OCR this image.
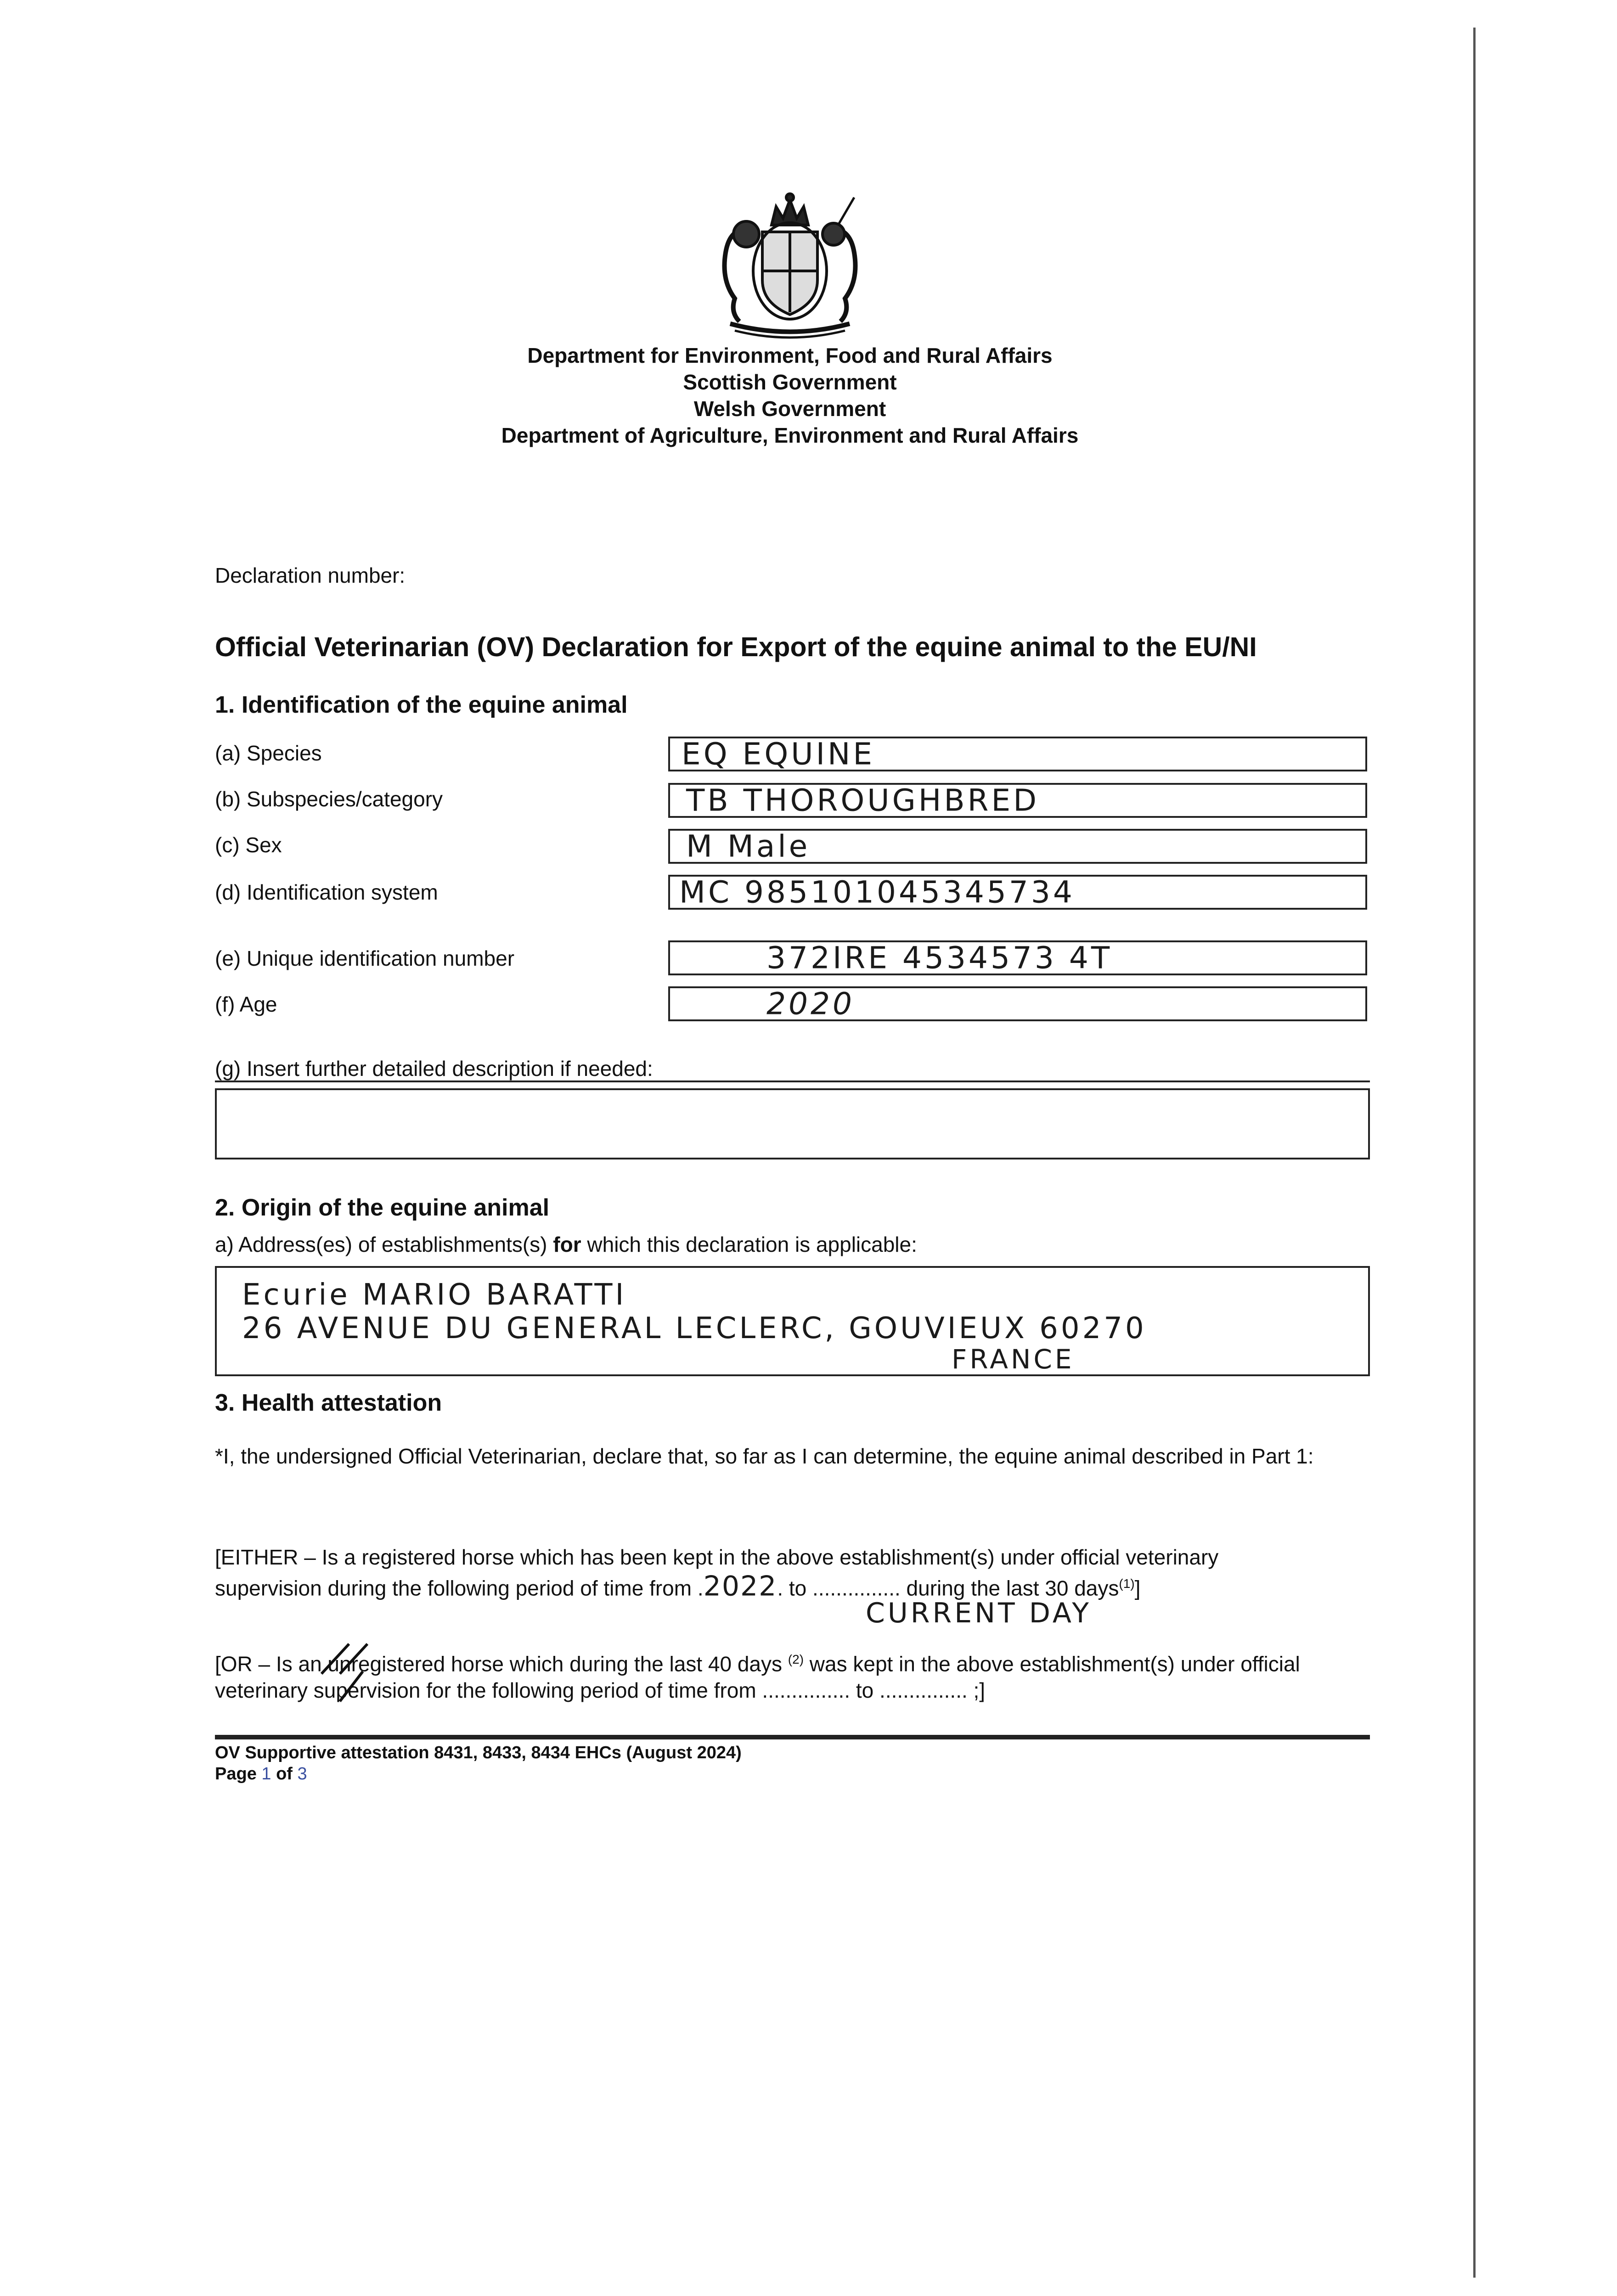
Department for Environment, Food and Rural Affairs
Scottish Government
Welsh Government
Department of Agriculture, Environment and Rural Affairs
Declaration number:
Official Veterinarian (OV) Declaration for Export of the equine animal to the EU/NI
1. Identification of the equine animal
(a) Species	EQ EQUINE
(b) Subspecies/category	TB THOROUGHBRED
(c) Sex	M Male
(d) Identification system	MC 985101045345734
(e) Unique identification number	372IRE 4534573 4T
(f) Age	2020
(g) Insert further detailed description if needed:
2. Origin of the equine animal
a) Address(es) of establishments(s) for which this declaration is applicable:
Ecurie MARIO BARATTI
26 AVENUE DU GENERAL LECLERC, GOUVIEUX 60270
FRANCE
3. Health attestation
*I, the undersigned Official Veterinarian, declare that, so far as I can determine, the equine animal described in Part 1:
[EITHER – Is a registered horse which has been kept in the above establishment(s) under official veterinary
supervision during the following period of time from .2022. to ............... during the last 30 days$^{(1)}$]
CURRENT DAY
[OR – Is an unregistered horse which during the last 40 days $^{(2)}$ was kept in the above establishment(s) under official
veterinary supervision for the following period of time from ............... to ............... ;]
OV Supportive attestation 8431, 8433, 8434 EHCs (August 2024)
Page 1 of 3
